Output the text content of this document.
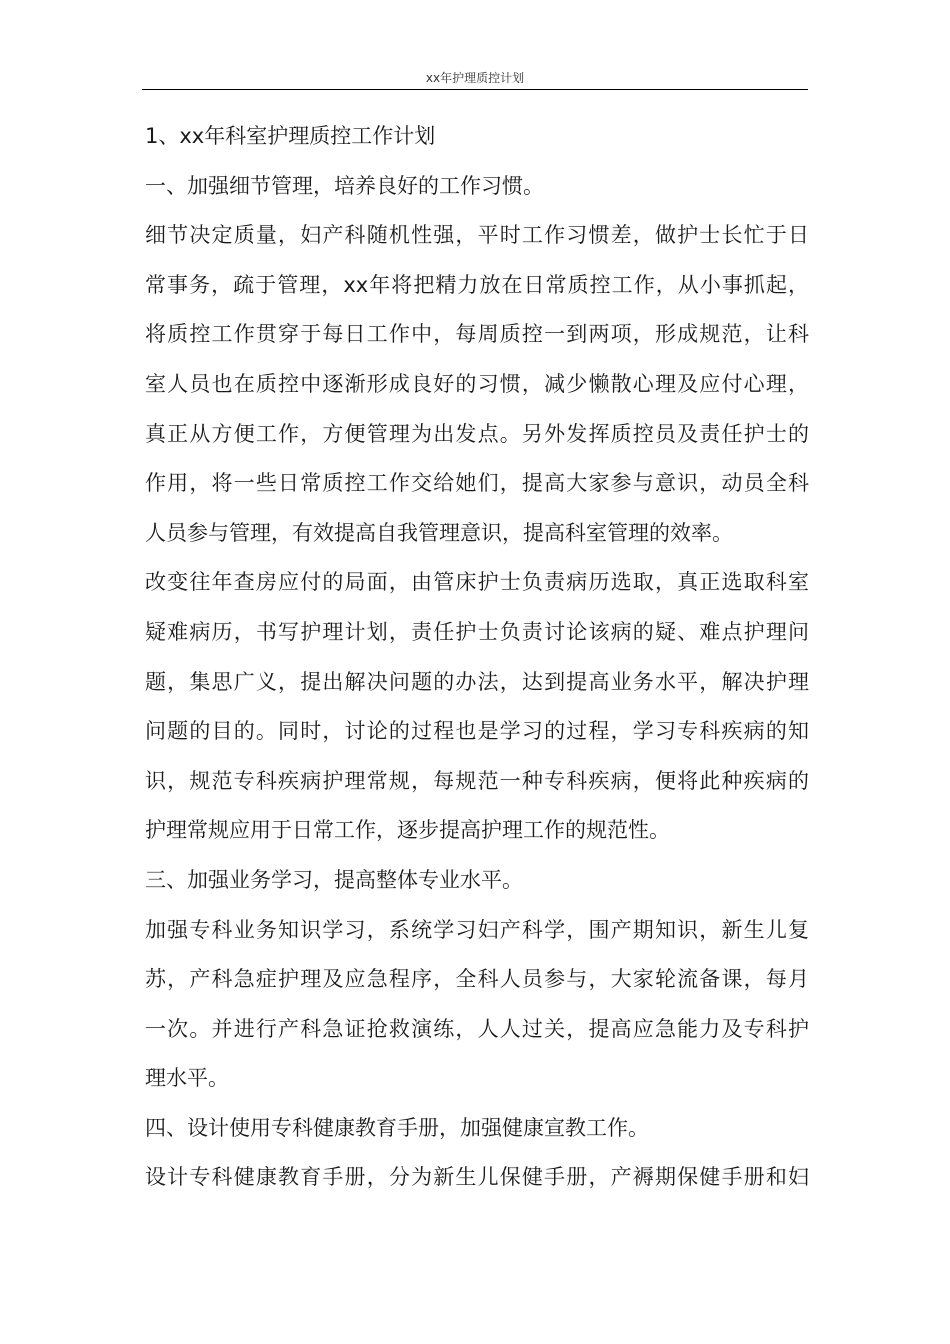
xx年护理质控计划
1、xx年科室护理质控工作计划
一、加强细节管理，培养良好的工作习惯。
细节决定质量，妇产科随机性强，平时工作习惯差，做护士长忙于日
常事务，疏于管理，xx年将把精力放在日常质控工作，从小事抓起，
将质控工作贯穿于每日工作中，每周质控一到两项，形成规范，让科
室人员也在质控中逐渐形成良好的习惯，减少懒散心理及应付心理，
真正从方便工作，方便管理为出发点。另外发挥质控员及责任护士的
作用，将一些日常质控工作交给她们，提高大家参与意识，动员全科
人员参与管理，有效提高自我管理意识，提高科室管理的效率。
改变往年查房应付的局面，由管床护士负责病历选取，真正选取科室
疑难病历，书写护理计划，责任护士负责讨论该病的疑、难点护理问
题，集思广义，提出解决问题的办法，达到提高业务水平，解决护理
问题的目的。同时，讨论的过程也是学习的过程，学习专科疾病的知
识，规范专科疾病护理常规，每规范一种专科疾病，便将此种疾病的
护理常规应用于日常工作，逐步提高护理工作的规范性。
三、加强业务学习，提高整体专业水平。
加强专科业务知识学习，系统学习妇产科学，围产期知识，新生儿复
苏，产科急症护理及应急程序，全科人员参与，大家轮流备课，每月
一次。并进行产科急证抢救演练，人人过关，提高应急能力及专科护
理水平。
四、设计使用专科健康教育手册，加强健康宣教工作。
设计专科健康教育手册，分为新生儿保健手册，产褥期保健手册和妇
